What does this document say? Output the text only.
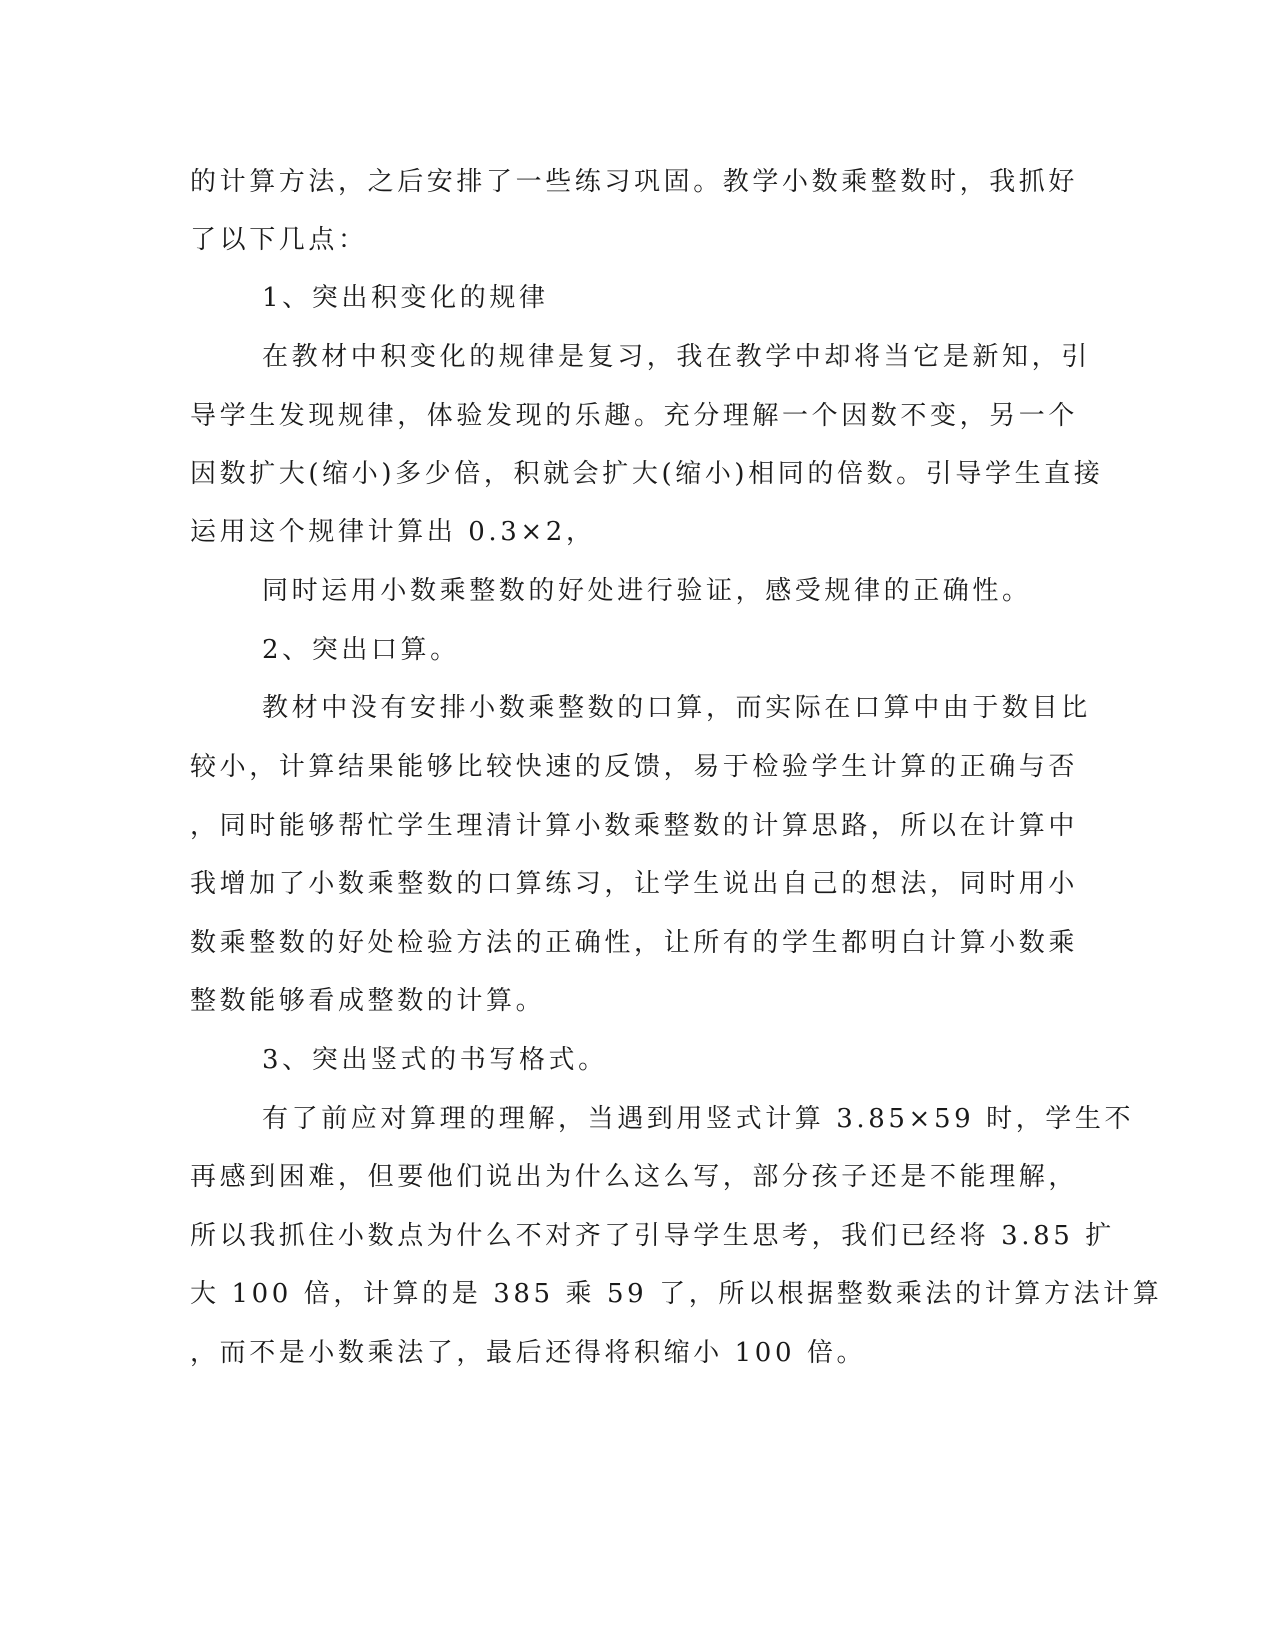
的计算方法，之后安排了一些练习巩固。教学小数乘整数时，我抓好
了以下几点：
1、突出积变化的规律
在教材中积变化的规律是复习，我在教学中却将当它是新知，引
导学生发现规律，体验发现的乐趣。充分理解一个因数不变，另一个
因数扩大(缩小)多少倍，积就会扩大(缩小)相同的倍数。引导学生直接
运用这个规律计算出 0.3×2，
同时运用小数乘整数的好处进行验证，感受规律的正确性。
2、突出口算。
教材中没有安排小数乘整数的口算，而实际在口算中由于数目比
较小，计算结果能够比较快速的反馈，易于检验学生计算的正确与否
，同时能够帮忙学生理清计算小数乘整数的计算思路，所以在计算中
我增加了小数乘整数的口算练习，让学生说出自己的想法，同时用小
数乘整数的好处检验方法的正确性，让所有的学生都明白计算小数乘
整数能够看成整数的计算。
3、突出竖式的书写格式。
有了前应对算理的理解，当遇到用竖式计算 3.85×59 时，学生不
再感到困难，但要他们说出为什么这么写，部分孩子还是不能理解，
所以我抓住小数点为什么不对齐了引导学生思考，我们已经将 3.85 扩
大 100 倍，计算的是 385 乘 59 了，所以根据整数乘法的计算方法计算
，而不是小数乘法了，最后还得将积缩小 100 倍。
